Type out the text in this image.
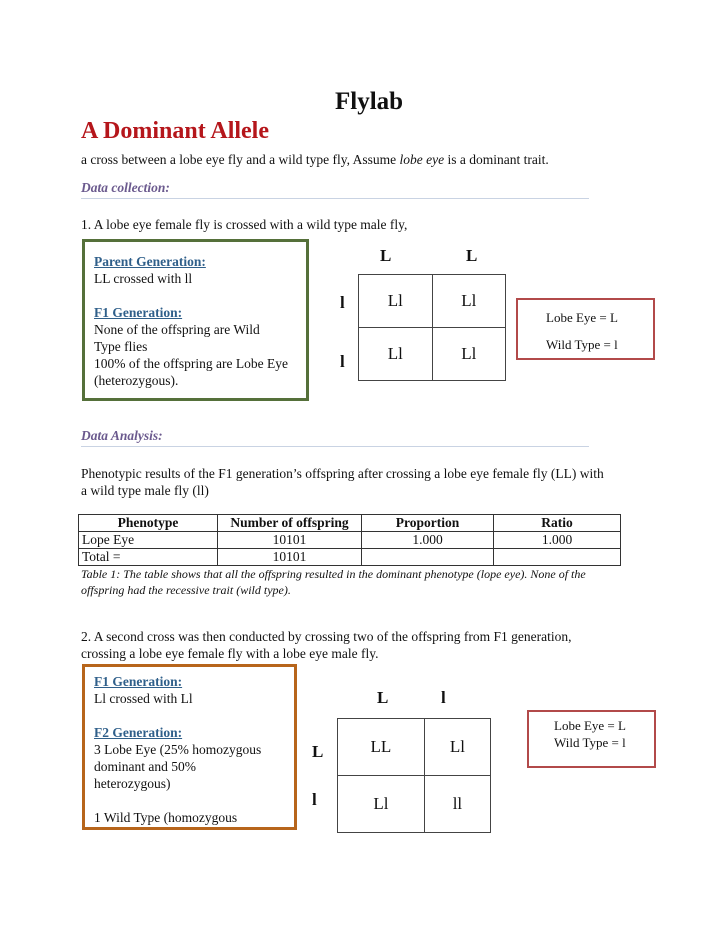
Flylab
A Dominant Allele
a cross between a lobe eye fly and a wild type fly, Assume lobe eye is a dominant trait.
Data collection:
1. A lobe eye female fly is crossed with a wild type male fly,
Parent Generation:
LL crossed with ll
F1 Generation:
None of the offspring are Wild
Type flies
100% of the offspring are Lobe Eye
(heterozygous).
L	L
l
l
Ll	Ll
Ll	Ll
Lobe Eye = L
Wild Type = l
Data Analysis:
Phenotypic results of the F1 generation’s offspring after crossing a lobe eye female fly (LL) with
a wild type male fly (ll)
Phenotype	Number of offspring	Proportion	Ratio
Lope Eye	10101	1.000	1.000
Total =	10101		
Table 1: The table shows that all the offspring resulted in the dominant phenotype (lope eye). None of the
offspring had the recessive trait (wild type).
2. A second cross was then conducted by crossing two of the offspring from F1 generation,
crossing a lobe eye female fly with a lobe eye male fly.
F1 Generation:
Ll crossed with Ll
F2 Generation:
3 Lobe Eye (25% homozygous
dominant and 50%
heterozygous)
1 Wild Type (homozygous
L	l
L
l
LL	Ll
Ll	ll
Lobe Eye = L
Wild Type = l
